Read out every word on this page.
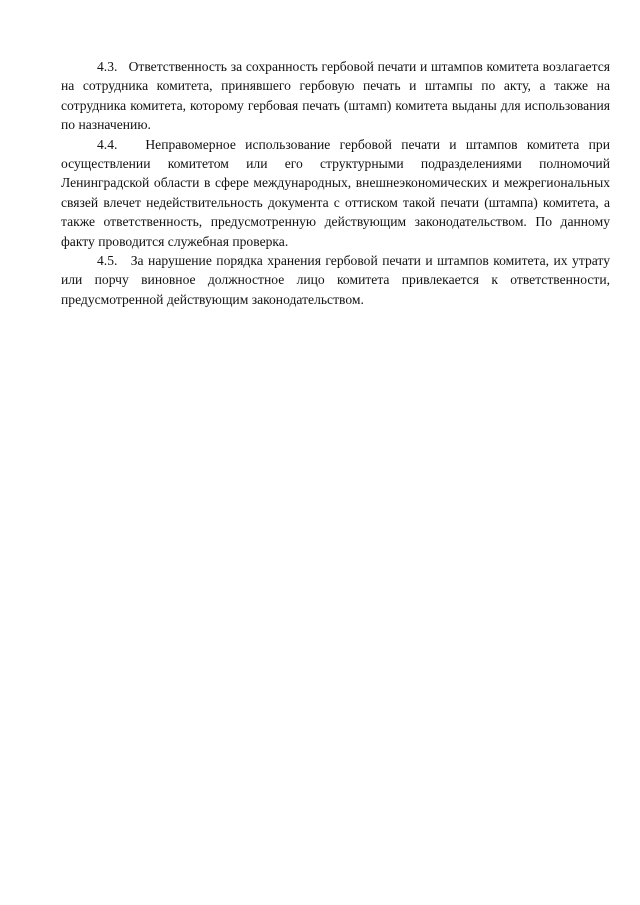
4.3. Ответственность за сохранность гербовой печати и штампов комитета возлагается на сотрудника комитета, принявшего гербовую печать и штампы по акту, а также на сотрудника комитета, которому гербовая печать (штамп) комитета выданы для использования по назначению.

4.4. Неправомерное использование гербовой печати и штампов комитета при осуществлении комитетом или его структурными подразделениями полномочий Ленинградской области в сфере международных, внешнеэкономических и межрегиональных связей влечет недействительность документа с оттиском такой печати (штампа) комитета, а также ответственность, предусмотренную действующим законодательством. По данному факту проводится служебная проверка.

4.5. За нарушение порядка хранения гербовой печати и штампов комитета, их утрату или порчу виновное должностное лицо комитета привлекается к ответственности, предусмотренной действующим законодательством.
